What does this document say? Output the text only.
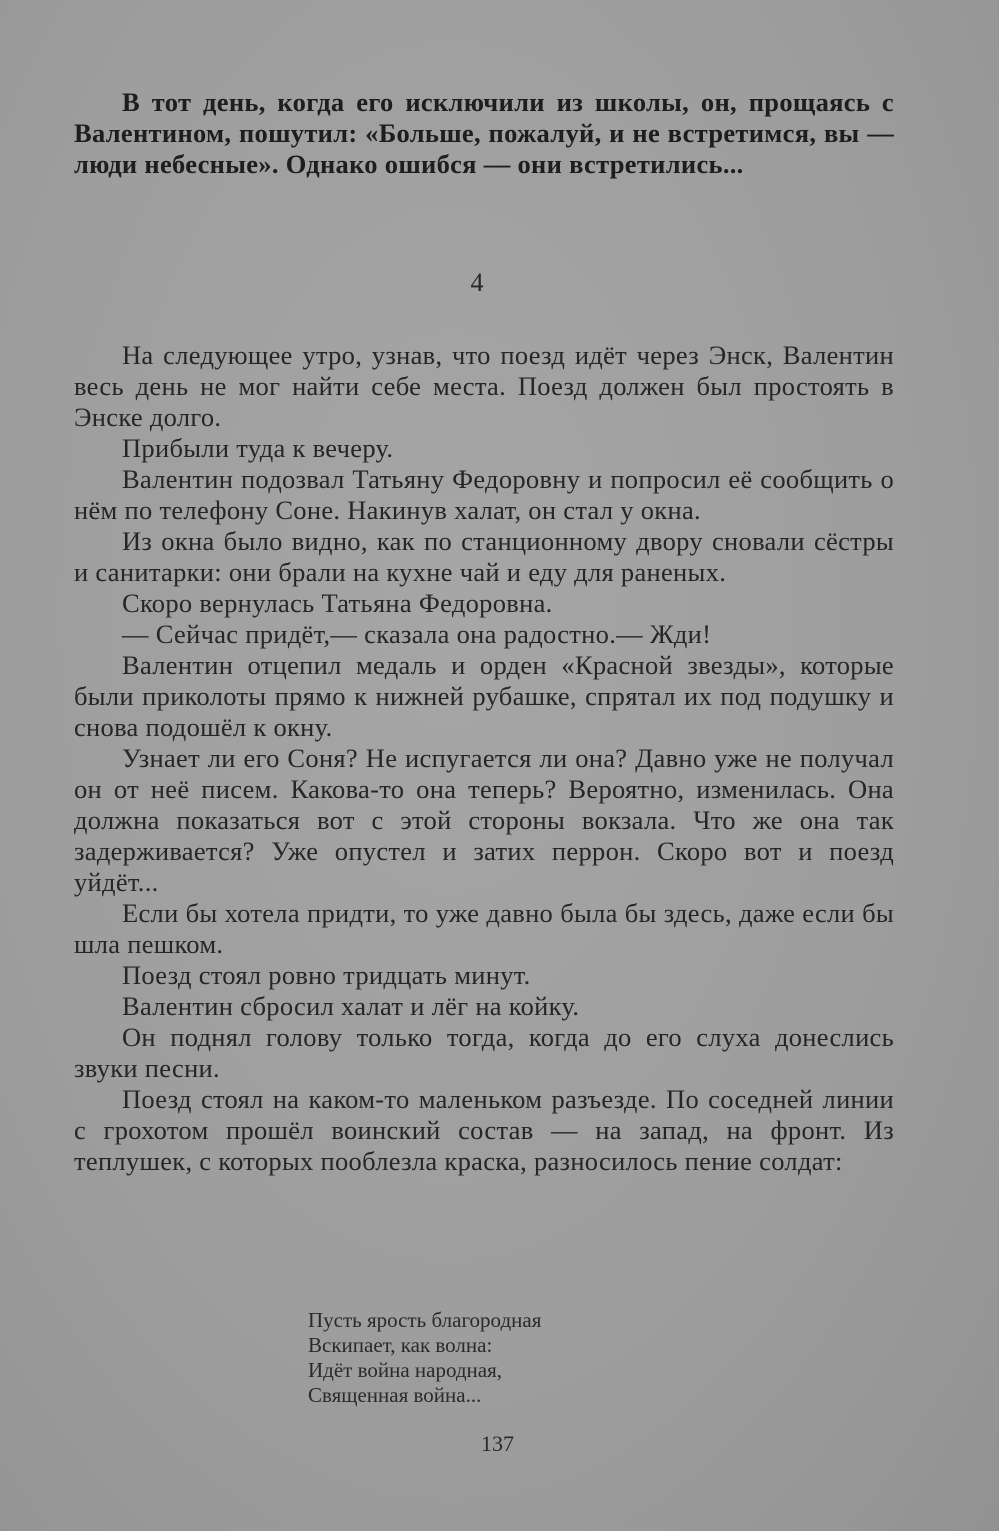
В тот день, когда его исключили из школы, он, прощаясь с Валентином, пошутил: «Больше, пожалуй, и не встретимся, вы — люди небесные». Однако ошибся — они встретились...

4

На следующее утро, узнав, что поезд идёт через Энск, Валентин весь день не мог найти себе места. Поезд должен был простоять в Энске долго.

Прибыли туда к вечеру.

Валентин подозвал Татьяну Федоровну и попросил её сообщить о нём по телефону Соне. Накинув халат, он стал у окна.

Из окна было видно, как по станционному двору сновали сёстры и санитарки: они брали на кухне чай и еду для раненых.

Скоро вернулась Татьяна Федоровна.

— Сейчас придёт,— сказала она радостно.— Жди!

Валентин отцепил медаль и орден «Красной звезды», которые были приколоты прямо к нижней рубашке, спрятал их под подушку и снова подошёл к окну.

Узнает ли его Соня? Не испугается ли она? Давно уже не получал он от неё писем. Какова-то она теперь? Вероятно, изменилась. Она должна показаться вот с этой стороны вокзала. Что же она так задерживается? Уже опустел и затих перрон. Скоро вот и поезд уйдёт...

Если бы хотела придти, то уже давно была бы здесь, даже если бы шла пешком.

Поезд стоял ровно тридцать минут.

Валентин сбросил халат и лёг на койку.

Он поднял голову только тогда, когда до его слуха донеслись звуки песни.

Поезд стоял на каком-то маленьком разъезде. По соседней линии с грохотом прошёл воинский состав — на запад, на фронт. Из теплушек, с которых пооблезла краска, разносилось пение солдат:

Пусть ярость благородная
Вскипает, как волна:
Идёт война народная,
Священная война...
137
